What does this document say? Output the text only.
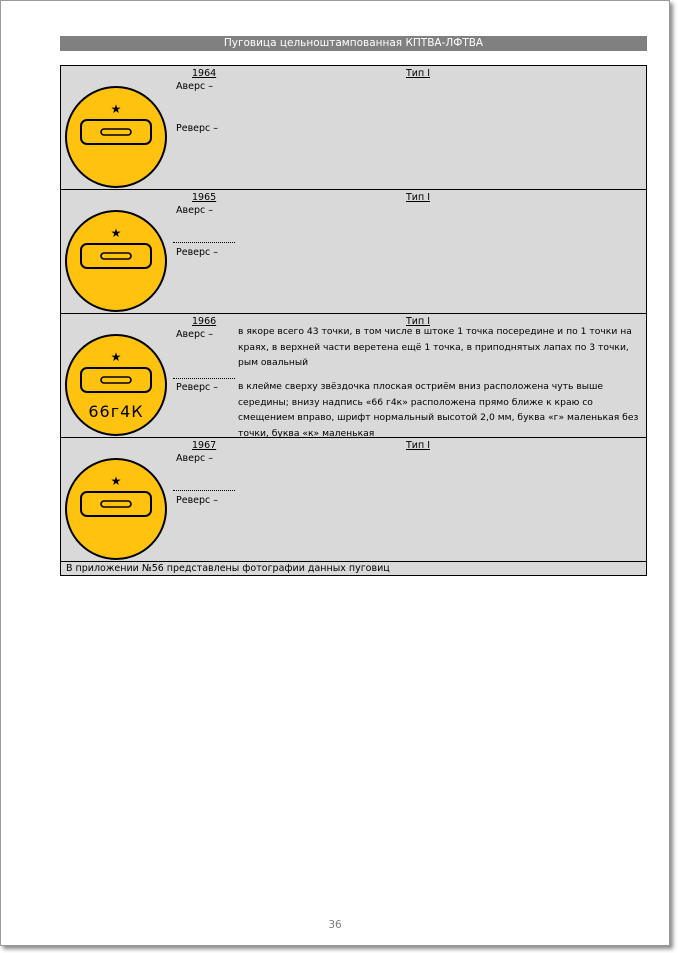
Пуговица цельноштампованная КПТВА-ЛФТВА
★
1964	Тип I
Аверс –
Реверс –
★
1965	Тип I
Аверс –
Реверс –
★
66г4К
1966	Тип I
Аверс –	в якоре всего 43 точки, в том числе в штоке 1 точка посередине и по 1 точки на краях, в верхней части веретена ещё 1 точка, в приподнятых лапах по 3 точки, рым овальный
Реверс – в клейме сверху звёздочка плоская остриём вниз расположена чуть выше середины; внизу надпись «66 г4к» расположена прямо ближе к краю со смещением вправо, шрифт нормальный высотой 2,0 мм, буква «г» маленькая без точки, буква «к» маленькая
★
1967	Тип I
Аверс –
Реверс –
В приложении №56 представлены фотографии данных пуговиц
36
